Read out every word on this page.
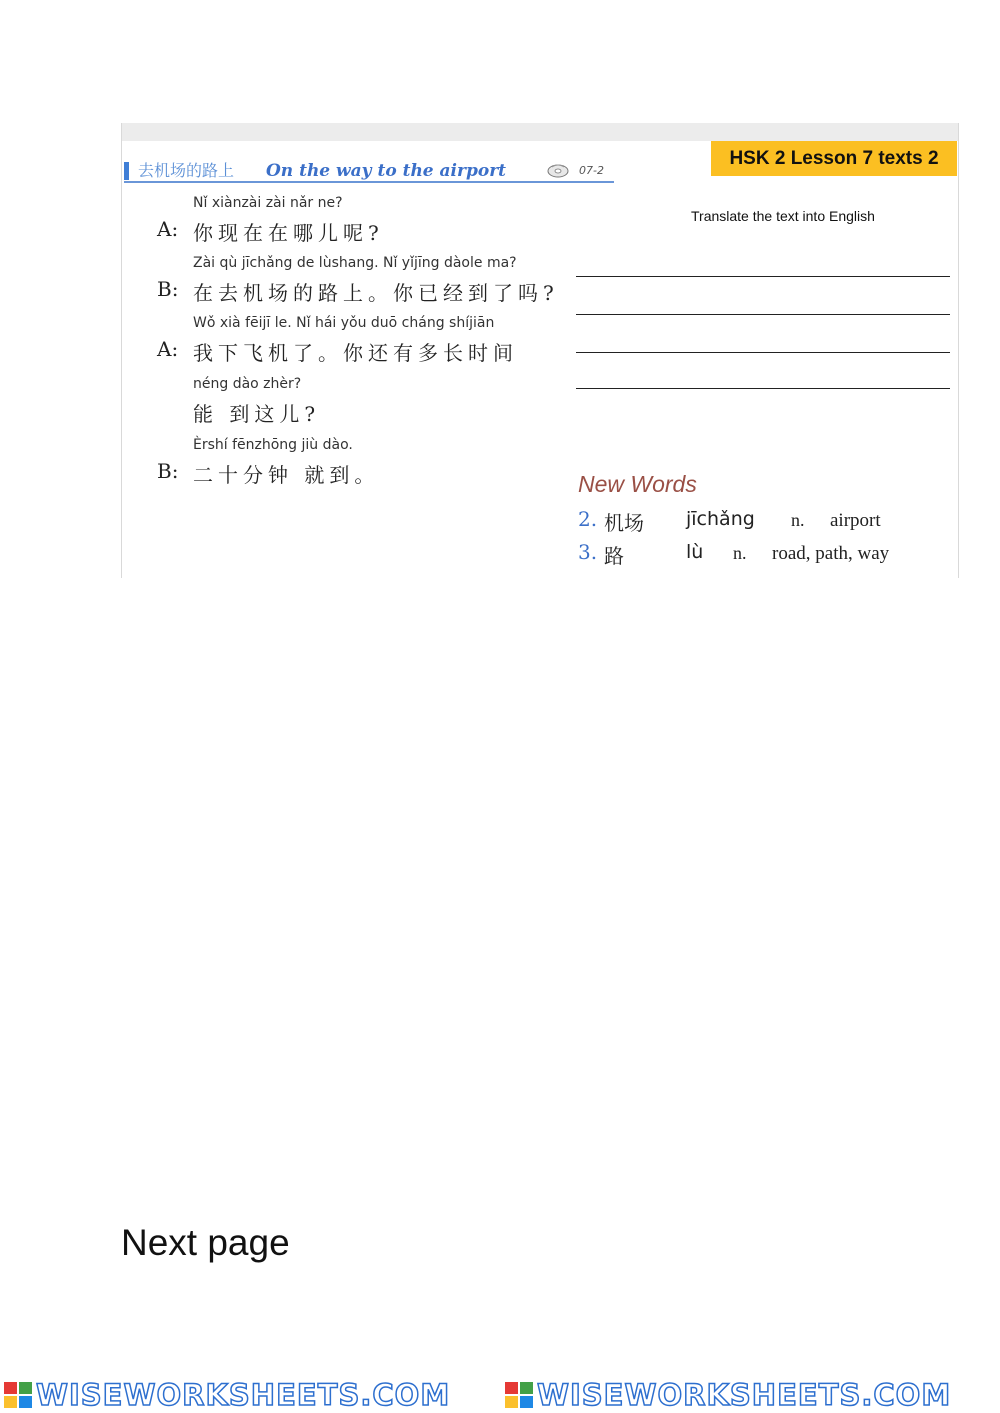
HSK 2 Lesson 7 texts 2
去机场的路上 On the way to the airport	07-2
Nǐ xiànzài zài nǎr ne?
A: 你现在在哪儿呢?
Zài qù jīchǎng de lùshang. Nǐ yǐjīng dàole ma?
B: 在去机场的路上。你已经到了吗?
Wǒ xià fēijī le. Nǐ hái yǒu duō cháng shíjiān
A: 我下飞机了。你还有多长时间
néng dào zhèr?
能 到这儿?
Èrshí fēnzhōng jiù dào.
B: 二十分钟 就到。
Translate the text into English
New Words
2. 机场 jīchǎng n. airport
3. 路	lù n. road, path, way
Next page
WISEWORKSHEETS.COM	WISEWORKSHEETS.COM
